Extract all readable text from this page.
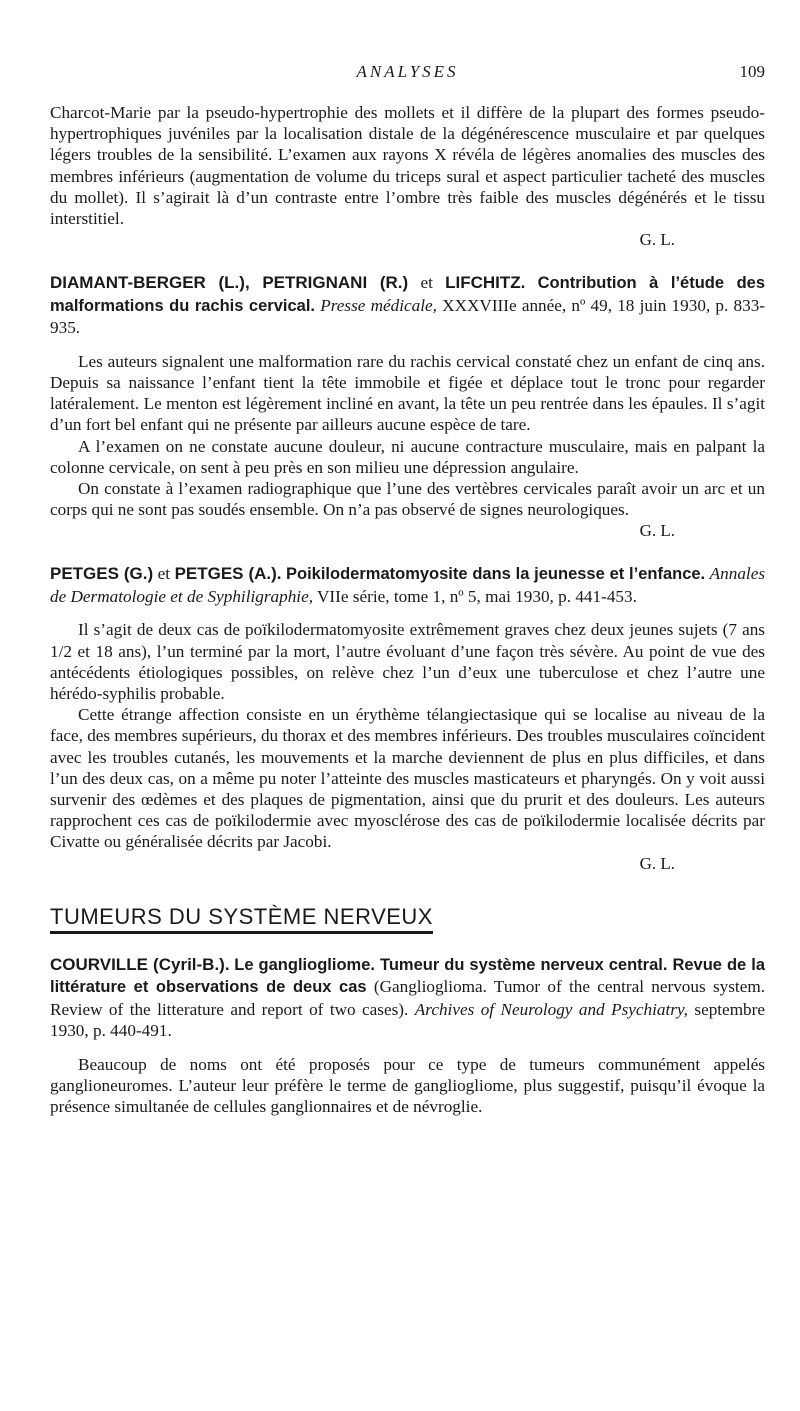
ANALYSES	109

Charcot-Marie par la pseudo-hypertrophie des mollets et il diffère de la plupart des formes pseudo-hypertrophiques juvéniles par la localisation distale de la dégénérescence musculaire et par quelques légers troubles de la sensibilité. L’examen aux rayons X révéla de légères anomalies des muscles des membres inférieurs (augmentation de volume du triceps sural et aspect particulier tacheté des muscles du mollet). Il s’agirait là d’un contraste entre l’ombre très faible des muscles dégénérés et le tissu interstitiel.

G. L.
DIAMANT-BERGER (L.), PETRIGNANI (R.) et LIFCHITZ. Contribution à l’étude des malformations du rachis cervical. Presse médicale, XXXVIIIe année, nº 49, 18 juin 1930, p. 833-935.

Les auteurs signalent une malformation rare du rachis cervical constaté chez un enfant de cinq ans. Depuis sa naissance l’enfant tient la tête immobile et figée et déplace tout le tronc pour regarder latéralement. Le menton est légèrement incliné en avant, la tête un peu rentrée dans les épaules. Il s’agit d’un fort bel enfant qui ne présente par ailleurs aucune espèce de tare.

A l’examen on ne constate aucune douleur, ni aucune contracture musculaire, mais en palpant la colonne cervicale, on sent à peu près en son milieu une dépression angulaire.

On constate à l’examen radiographique que l’une des vertèbres cervicales paraît avoir un arc et un corps qui ne sont pas soudés ensemble. On n’a pas observé de signes neurologiques.

G. L.
PETGES (G.) et PETGES (A.). Poikilodermatomyosite dans la jeunesse et l’enfance. Annales de Dermatologie et de Syphiligraphie, VIIe série, tome 1, nº 5, mai 1930, p. 441-453.

Il s’agit de deux cas de poïkilodermatomyosite extrêmement graves chez deux jeunes sujets (7 ans 1/2 et 18 ans), l’un terminé par la mort, l’autre évoluant d’une façon très sévère. Au point de vue des antécédents étiologiques possibles, on relève chez l’un d’eux une tuberculose et chez l’autre une hérédo-syphilis probable.

Cette étrange affection consiste en un érythème télangiectasique qui se localise au niveau de la face, des membres supérieurs, du thorax et des membres inférieurs. Des troubles musculaires coïncident avec les troubles cutanés, les mouvements et la marche deviennent de plus en plus difficiles, et dans l’un des deux cas, on a même pu noter l’atteinte des muscles masticateurs et pharyngés. On y voit aussi survenir des œdèmes et des plaques de pigmentation, ainsi que du prurit et des douleurs. Les auteurs rapprochent ces cas de poïkilodermie avec myosclérose des cas de poïkilodermie localisée décrits par Civatte ou généralisée décrits par Jacobi.

G. L.
TUMEURS DU SYSTÈME NERVEUX
COURVILLE (Cyril-B.). Le gangliogliome. Tumeur du système nerveux central. Revue de la littérature et observations de deux cas (Ganglioglioma. Tumor of the central nervous system. Review of the litterature and report of two cases). Archives of Neurology and Psychiatry, septembre 1930, p. 440-491.

Beaucoup de noms ont été proposés pour ce type de tumeurs communément appelés ganglioneuromes. L’auteur leur préfère le terme de gangliogliome, plus suggestif, puisqu’il évoque la présence simultanée de cellules ganglionnaires et de névroglie.
